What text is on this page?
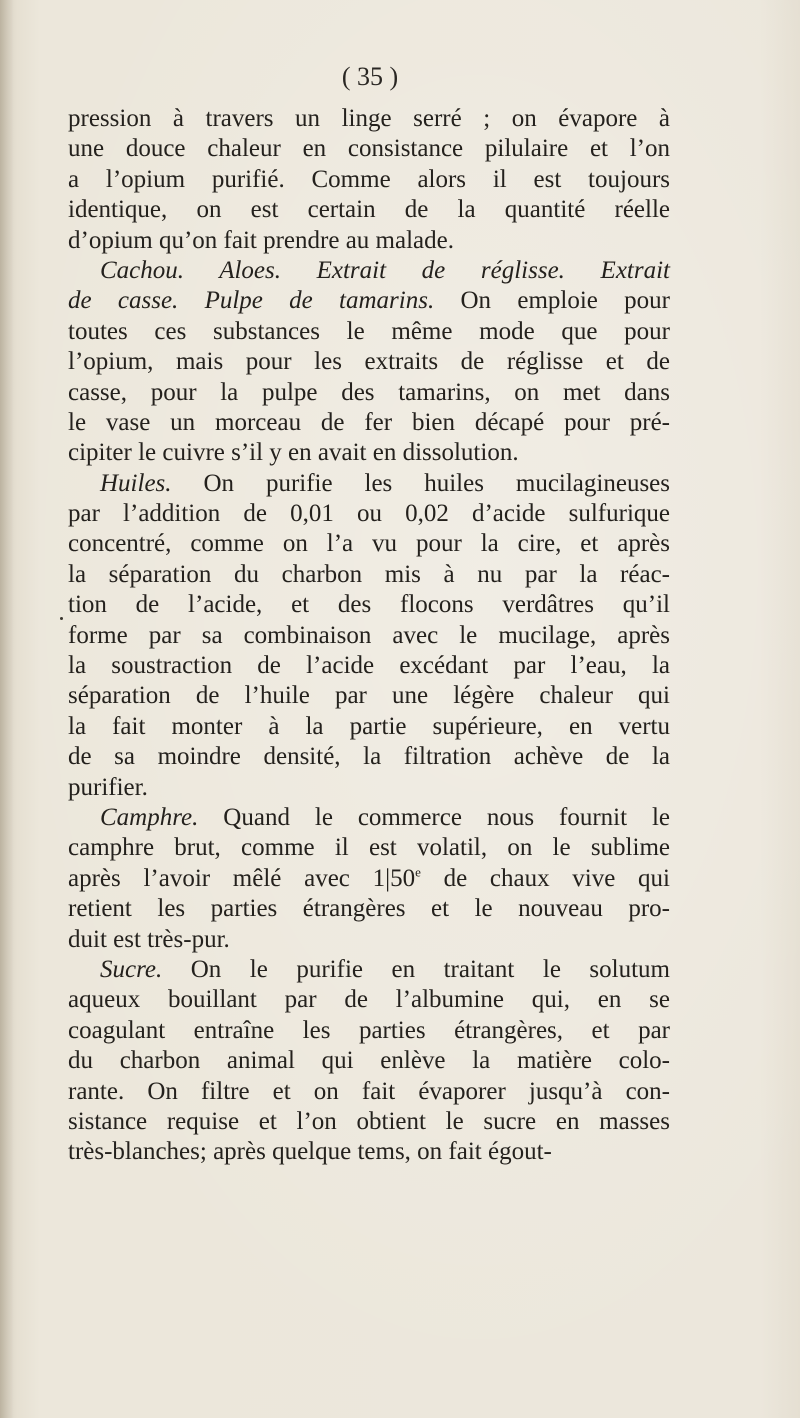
( 35 )
pression à travers un linge serré ; on évapore à
une douce chaleur en consistance pilulaire et l’on
a l’opium purifié. Comme alors il est toujours
identique, on est certain de la quantité réelle
d’opium qu’on fait prendre au malade.
Cachou. Aloes. Extrait de réglisse. Extrait
de casse. Pulpe de tamarins. On emploie pour
toutes ces substances le même mode que pour
l’opium, mais pour les extraits de réglisse et de
casse, pour la pulpe des tamarins, on met dans
le vase un morceau de fer bien décapé pour pré-
cipiter le cuivre s’il y en avait en dissolution.
Huiles. On purifie les huiles mucilagineuses
par l’addition de 0,01 ou 0,02 d’acide sulfurique
concentré, comme on l’a vu pour la cire, et après
la séparation du charbon mis à nu par la réac-
tion de l’acide, et des flocons verdâtres qu’il
forme par sa combinaison avec le mucilage, après
la soustraction de l’acide excédant par l’eau, la
séparation de l’huile par une légère chaleur qui
la fait monter à la partie supérieure, en vertu
de sa moindre densité, la filtration achève de la
purifier.
Camphre. Quand le commerce nous fournit le
camphre brut, comme il est volatil, on le sublime
après l’avoir mêlé avec 1|50e de chaux vive qui
retient les parties étrangères et le nouveau pro-
duit est très-pur.
Sucre. On le purifie en traitant le solutum
aqueux bouillant par de l’albumine qui, en se
coagulant entraîne les parties étrangères, et par
du charbon animal qui enlève la matière colo-
rante. On filtre et on fait évaporer jusqu’à con-
sistance requise et l’on obtient le sucre en masses
très-blanches; après quelque tems, on fait égout-
